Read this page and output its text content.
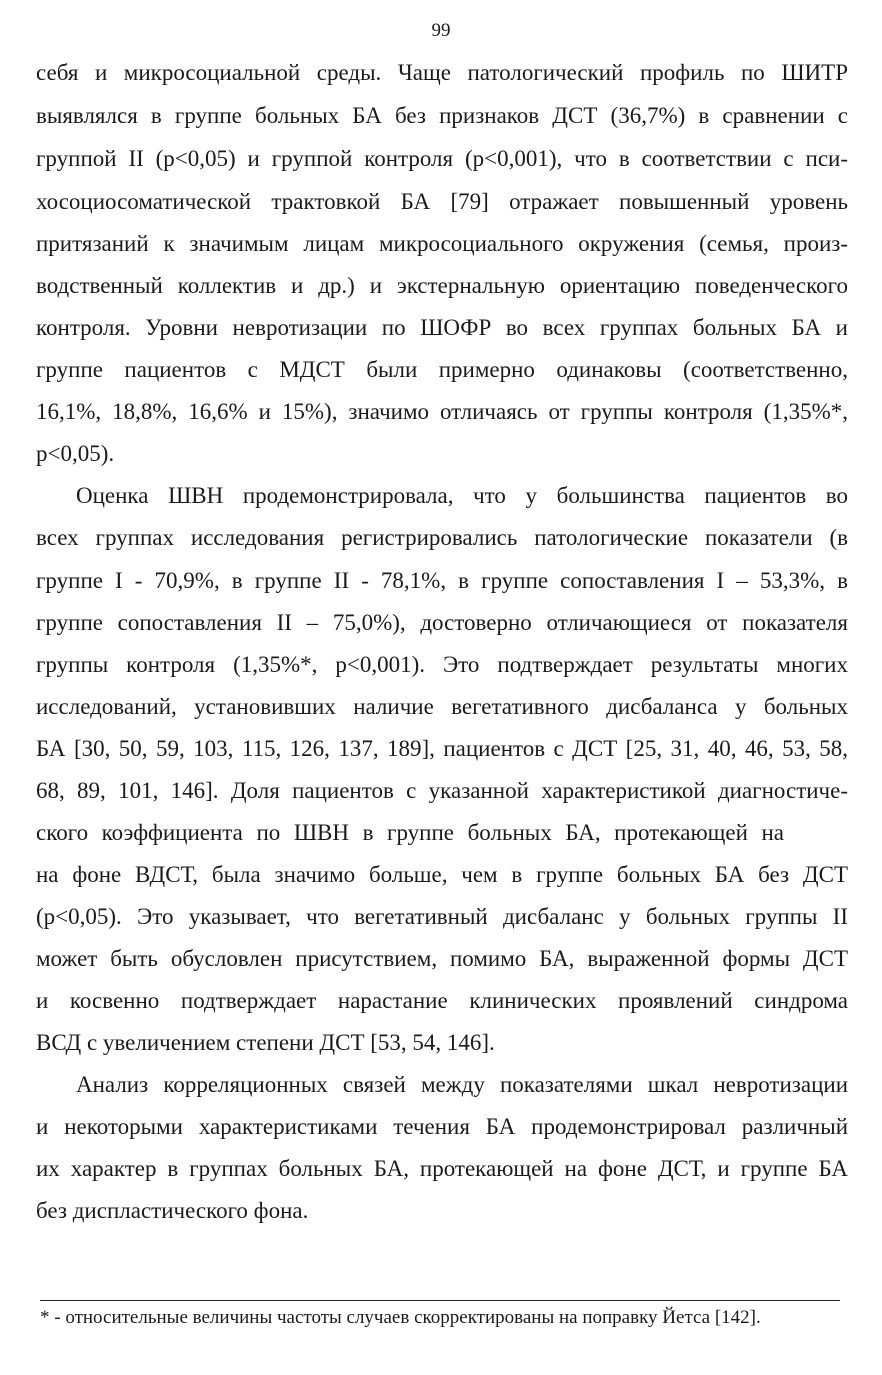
99
себя и микросоциальной среды. Чаще патологический профиль по ШИТР
выявлялся в группе больных БА без признаков ДСТ (36,7%) в сравнении с
группой II (p<0,05) и группой контроля (p<0,001), что в соответствии с пси-
хосоциосоматической трактовкой БА [79] отражает повышенный уровень
притязаний к значимым лицам микросоциального окружения (семья, произ-
водственный коллектив и др.) и экстернальную ориентацию поведенческого
контроля. Уровни невротизации по ШОФР во всех группах больных БА и
группе пациентов с МДСТ были примерно одинаковы (соответственно,
16,1%, 18,8%, 16,6% и 15%), значимо отличаясь от группы контроля (1,35%*,
p<0,05).
Оценка ШВН продемонстрировала, что у большинства пациентов во
всех группах исследования регистрировались патологические показатели (в
группе I - 70,9%, в группе II - 78,1%, в группе сопоставления I – 53,3%, в
группе сопоставления II – 75,0%), достоверно отличающиеся от показателя
группы контроля (1,35%*, p<0,001). Это подтверждает результаты многих
исследований, установивших наличие вегетативного дисбаланса у больных
БА [30, 50, 59, 103, 115, 126, 137, 189], пациентов с ДСТ [25, 31, 40, 46, 53, 58,
68, 89, 101, 146]. Доля пациентов с указанной характеристикой диагностиче-
ского коэффициента по ШВН в группе больных БА, протекающей на
на фоне ВДСТ, была значимо больше, чем в группе больных БА без ДСТ
(p<0,05). Это указывает, что вегетативный дисбаланс у больных группы II
может быть обусловлен присутствием, помимо БА, выраженной формы ДСТ
и косвенно подтверждает нарастание клинических проявлений синдрома
ВСД с увеличением степени ДСТ [53, 54, 146].
Анализ корреляционных связей между показателями шкал невротизации
и некоторыми характеристиками течения БА продемонстрировал различный
их характер в группах больных БА, протекающей на фоне ДСТ, и группе БА
без диспластического фона.
* - относительные величины частоты случаев скорректированы на поправку Йетса [142].
